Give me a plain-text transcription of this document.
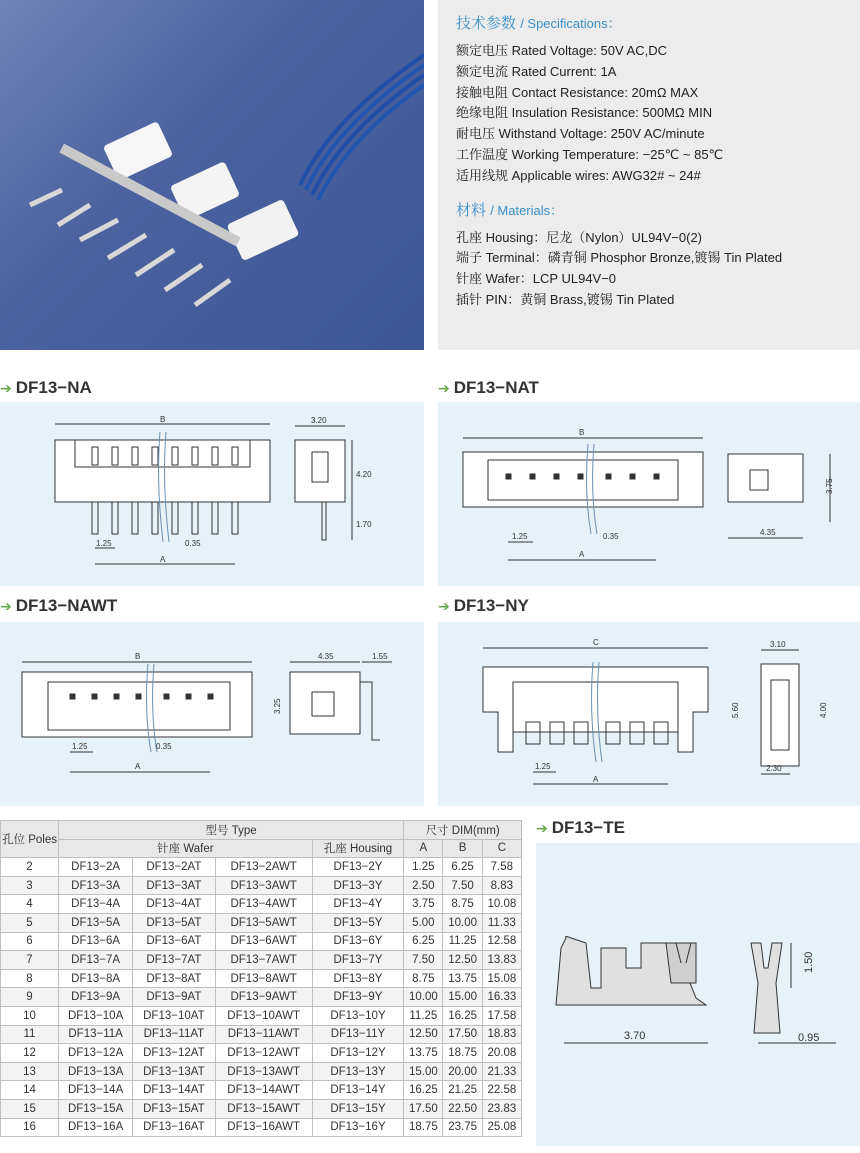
技术参数 / Specifications：
额定电压 Rated Voltage: 50V AC,DC
额定电流 Rated Current: 1A
接触电阻 Contact Resistance: 20mΩ MAX
绝缘电阻 Insulation Resistance: 500MΩ MIN
耐电压 Withstand Voltage: 250V AC/minute
工作温度 Working Temperature: −25℃ ~ 85℃
适用线规 Applicable wires: AWG32# ~ 24#
材料 / Materials：
孔座 Housing：尼龙（Nylon）UL94V−0(2)
端子 Terminal：磷青铜 Phosphor Bronze,镀锡 Tin Plated
针座 Wafer：LCP UL94V−0
插针 PIN：黄铜 Brass,镀锡 Tin Plated
➔ DF13−NA	➔ DF13−NAT
➔ DF13−NAWT	➔ DF13−NY
➔ DF13−TE
B
1.25	0.35
A
3.20
4.20
1.70
B
1.25	0.35
A
4.35
3.75
B
1.25	0.35
A
4.35	1.55
3.25
C
1.25
A
3.10
2.30
5.60	4.00
3.70
1.50
0.95
孔位 Poles	型号 Type				尺寸 DIM(mm)		
	针座 Wafer			孔座 Housing	A	B	C
2	DF13−2A	DF13−2AT	DF13−2AWT	DF13−2Y	1.25	6.25	7.58
3	DF13−3A	DF13−3AT	DF13−3AWT	DF13−3Y	2.50	7.50	8.83
4	DF13−4A	DF13−4AT	DF13−4AWT	DF13−4Y	3.75	8.75	10.08
5	DF13−5A	DF13−5AT	DF13−5AWT	DF13−5Y	5.00	10.00	11.33
6	DF13−6A	DF13−6AT	DF13−6AWT	DF13−6Y	6.25	11.25	12.58
7	DF13−7A	DF13−7AT	DF13−7AWT	DF13−7Y	7.50	12.50	13.83
8	DF13−8A	DF13−8AT	DF13−8AWT	DF13−8Y	8.75	13.75	15.08
9	DF13−9A	DF13−9AT	DF13−9AWT	DF13−9Y	10.00	15.00	16.33
10	DF13−10A	DF13−10AT	DF13−10AWT	DF13−10Y	11.25	16.25	17.58
11	DF13−11A	DF13−11AT	DF13−11AWT	DF13−11Y	12.50	17.50	18.83
12	DF13−12A	DF13−12AT	DF13−12AWT	DF13−12Y	13.75	18.75	20.08
13	DF13−13A	DF13−13AT	DF13−13AWT	DF13−13Y	15.00	20.00	21.33
14	DF13−14A	DF13−14AT	DF13−14AWT	DF13−14Y	16.25	21.25	22.58
15	DF13−15A	DF13−15AT	DF13−15AWT	DF13−15Y	17.50	22.50	23.83
16	DF13−16A	DF13−16AT	DF13−16AWT	DF13−16Y	18.75	23.75	25.08
